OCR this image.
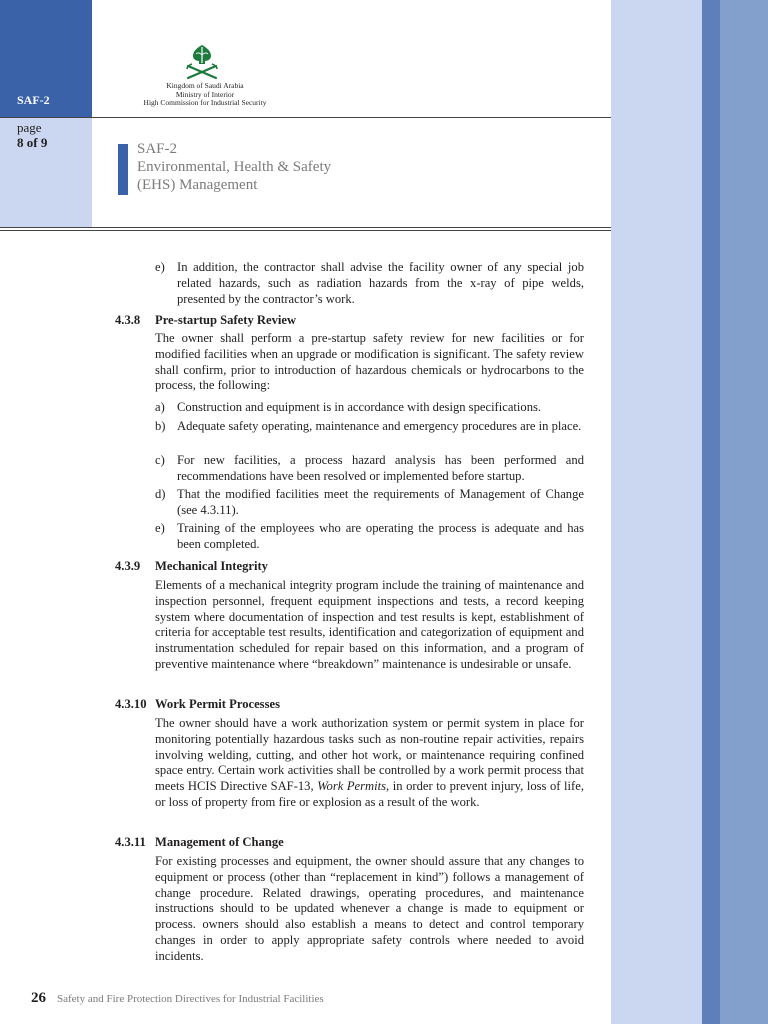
SAF-2
page
8 of 9
Kingdom of Saudi Arabia
Ministry of Interior
High Commission for Industrial Security
SAF-2
Environmental, Health & Safety
(EHS) Management
e) In addition, the contractor shall advise the facility owner of any special job related hazards, such as radiation hazards from the x-ray of pipe welds, presented by the contractor’s work.
4.3.8 Pre-startup Safety Review
The owner shall perform a pre-startup safety review for new facilities or for modified facilities when an upgrade or modification is significant. The safety review shall confirm, prior to introduction of hazardous chemicals or hydrocarbons to the process, the following:
a) Construction and equipment is in accordance with design specifications.
b) Adequate safety operating, maintenance and emergency procedures are in place.
c) For new facilities, a process hazard analysis has been performed and recommendations have been resolved or implemented before startup.
d) That the modified facilities meet the requirements of Management of Change (see 4.3.11).
e) Training of the employees who are operating the process is adequate and has been completed.
4.3.9 Mechanical Integrity
Elements of a mechanical integrity program include the training of maintenance and inspection personnel, frequent equipment inspections and tests, a record keeping system where documentation of inspection and test results is kept, establishment of criteria for acceptable test results, identification and categorization of equipment and instrumentation scheduled for repair based on this information, and a program of preventive maintenance where “breakdown” maintenance is undesirable or unsafe.
4.3.10 Work Permit Processes
The owner should have a work authorization system or permit system in place for monitoring potentially hazardous tasks such as non-routine repair activities, repairs involving welding, cutting, and other hot work, or maintenance requiring confined space entry. Certain work activities shall be controlled by a work permit process that meets HCIS Directive SAF-13, Work Permits, in order to prevent injury, loss of life, or loss of property from fire or explosion as a result of the work.
4.3.11 Management of Change
For existing processes and equipment, the owner should assure that any changes to equipment or process (other than “replacement in kind”) follows a management of change procedure. Related drawings, operating procedures, and maintenance instructions should to be updated whenever a change is made to equipment or process. owners should also establish a means to detect and control temporary changes in order to apply appropriate safety controls where needed to avoid incidents.
26 Safety and Fire Protection Directives for Industrial Facilities
